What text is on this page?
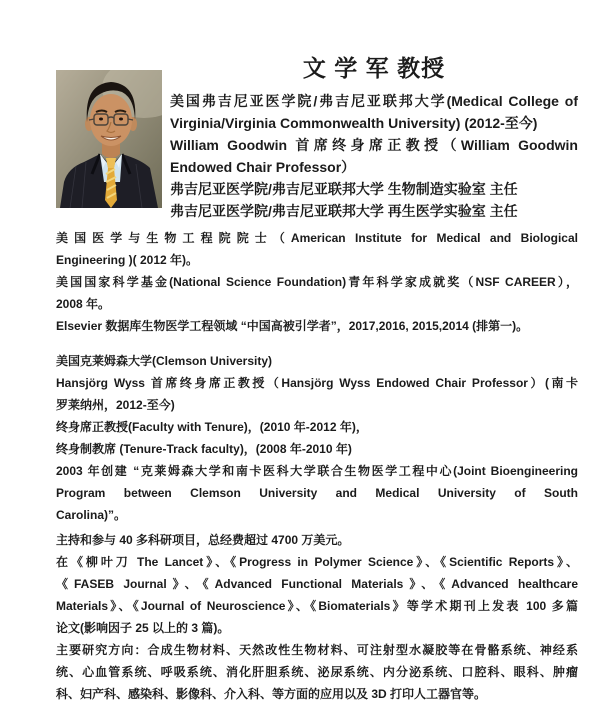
文 学 军 教授
美国弗吉尼亚医学院/弗吉尼亚联邦大学(Medical College of
Virginia/Virginia Commonwealth University) (2012-至今)
William Goodwin 首席终身席正教授（William Goodwin
Endowed Chair Professor）
弗吉尼亚医学院/弗吉尼亚联邦大学 生物制造实验室 主任
弗吉尼亚医学院/弗吉尼亚联邦大学 再生医学实验室 主任
美国医学与生物工程院院士（American Institute for Medical and Biological
Engineering )( 2012 年)。
美国国家科学基金(National Science Foundation)青年科学家成就奖（NSF CAREER），
2008 年。
Elsevier 数据库生物医学工程领域 “中国高被引学者”，2017,2016, 2015,2014 (排第一)。
美国克莱姆森大学(Clemson University)
Hansjörg Wyss 首席终身席正教授（Hansjörg Wyss Endowed Chair Professor）(南卡
罗莱纳州，2012-至今)
终身席正教授(Faculty with Tenure)，(2010 年-2012 年)，
终身制教席 (Tenure-Track faculty)，(2008 年-2010 年)
2003 年创建 “克莱姆森大学和南卡医科大学联合生物医学工程中心(Joint Bioengineering
Program between Clemson University and Medical University of South
Carolina)”。
主持和参与 40 多科研项目，总经费超过 4700 万美元。
在《柳叶刀 The Lancet》、《Progress in Polymer Science》、《Scientific Reports》、
《FASEB Journal》、《Advanced Functional Materials》、《Advanced healthcare
Materials》、《Journal of Neuroscience》、《Biomaterials》等学术期刊上发表 100 多篇
论文(影响因子 25 以上的 3 篇)。
主要研究方向：合成生物材料、天然改性生物材料、可注射型水凝胶等在骨骼系统、神经系
统、心血管系统、呼吸系统、消化肝胆系统、泌尿系统、内分泌系统、口腔科、眼科、肿瘤
科、妇产科、感染科、影像科、介入科、等方面的应用以及 3D 打印人工器官等。
